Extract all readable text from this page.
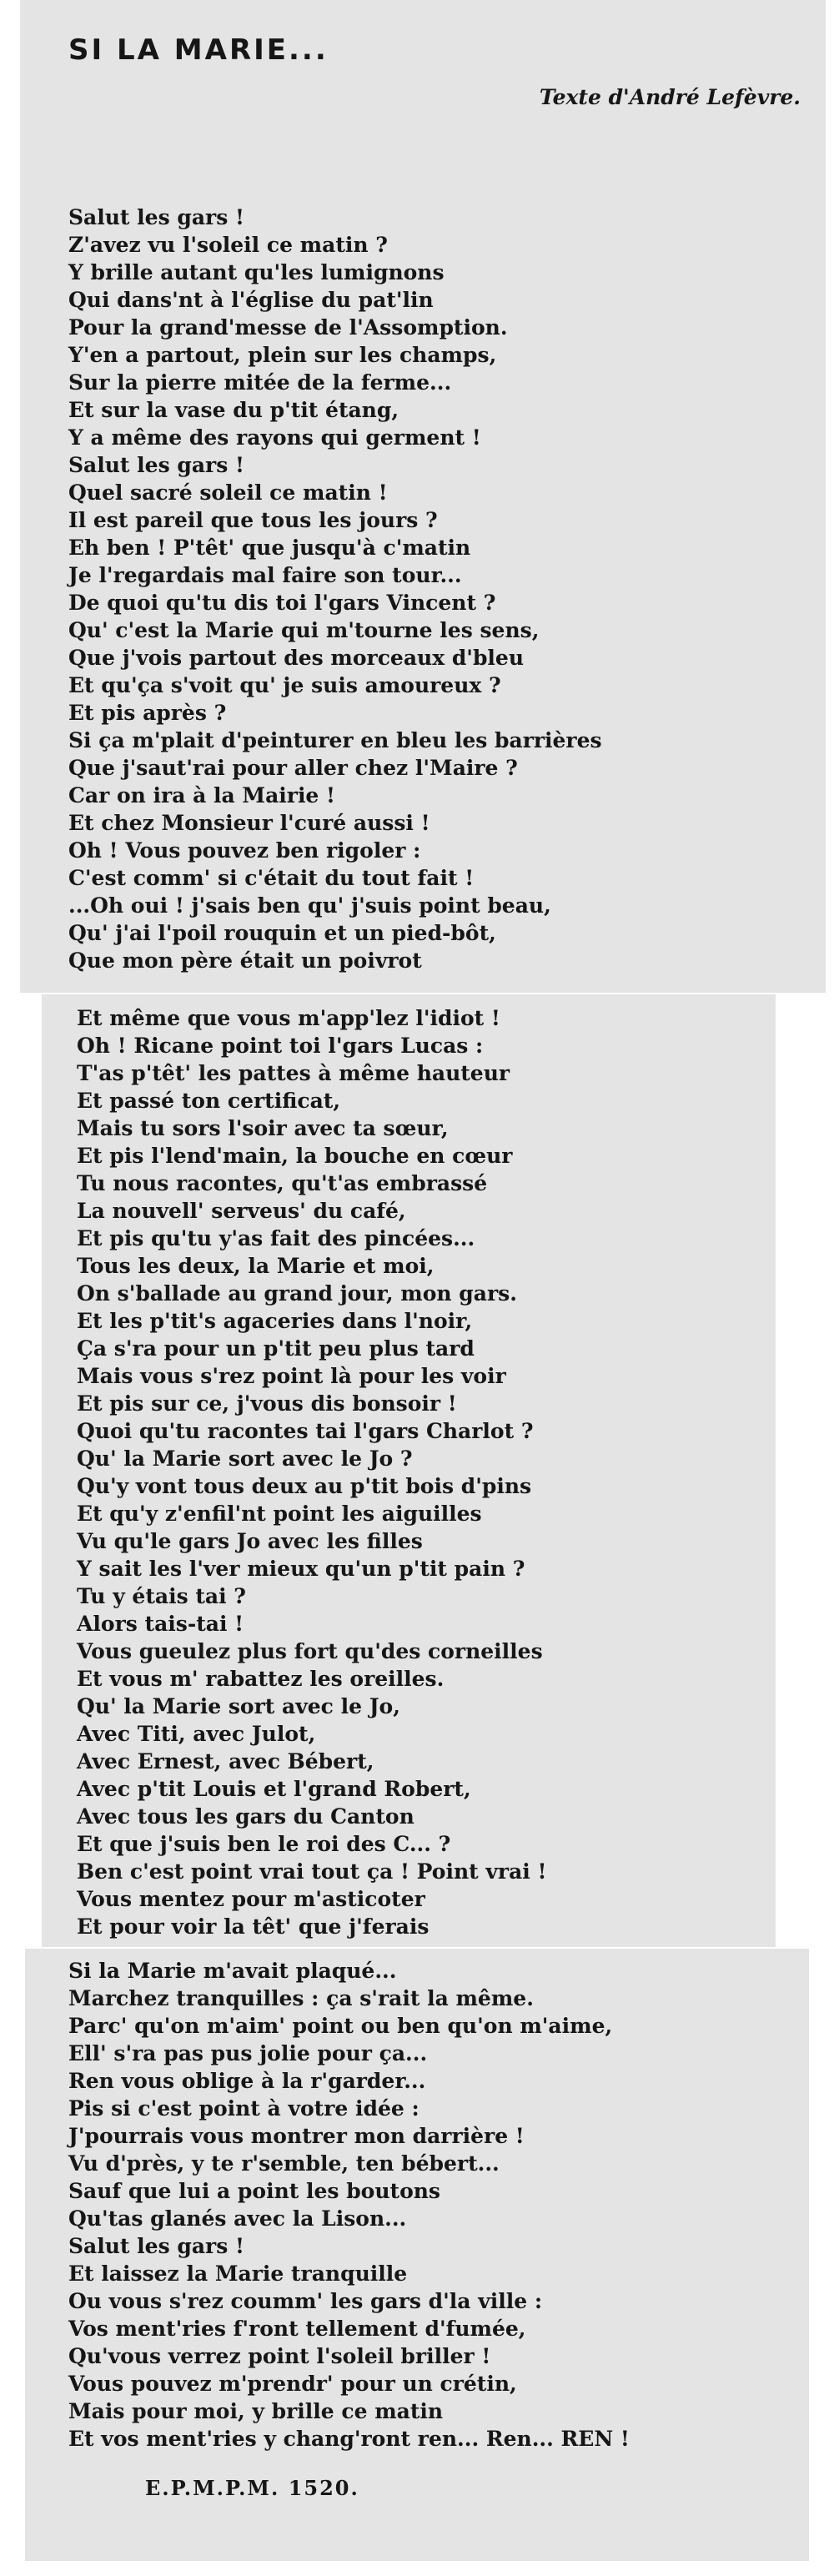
SI LA MARIE...

Texte d'André Lefèvre.

Salut les gars !
Z'avez vu l'soleil ce matin ?
Y brille autant qu'les lumignons
Qui dans'nt à l'église du pat'lin
Pour la grand'messe de l'Assomption.
Y'en a partout, plein sur les champs,
Sur la pierre mitée de la ferme...
Et sur la vase du p'tit étang,
Y a même des rayons qui germent !
Salut les gars !
Quel sacré soleil ce matin !
Il est pareil que tous les jours ?
Eh ben ! P'têt' que jusqu'à c'matin
Je l'regardais mal faire son tour...
De quoi qu'tu dis toi l'gars Vincent ?
Qu' c'est la Marie qui m'tourne les sens,
Que j'vois partout des morceaux d'bleu
Et qu'ça s'voit qu' je suis amoureux ?
Et pis après ?
Si ça m'plait d'peinturer en bleu les barrières
Que j'saut'rai pour aller chez l'Maire ?
Car on ira à la Mairie !
Et chez Monsieur l'curé aussi !
Oh ! Vous pouvez ben rigoler :
C'est comm' si c'était du tout fait !
...Oh oui ! j'sais ben qu' j'suis point beau,
Qu' j'ai l'poil rouquin et un pied-bôt,
Que mon père était un poivrot
Et même que vous m'app'lez l'idiot !
Oh ! Ricane point toi l'gars Lucas :
T'as p'têt' les pattes à même hauteur
Et passé ton certificat,
Mais tu sors l'soir avec ta sœur,
Et pis l'lend'main, la bouche en cœur
Tu nous racontes, qu't'as embrassé
La nouvell' serveus' du café,
Et pis qu'tu y'as fait des pincées...
Tous les deux, la Marie et moi,
On s'ballade au grand jour, mon gars.
Et les p'tit's agaceries dans l'noir,
Ça s'ra pour un p'tit peu plus tard
Mais vous s'rez point là pour les voir
Et pis sur ce, j'vous dis bonsoir !
Quoi qu'tu racontes tai l'gars Charlot ?
Qu' la Marie sort avec le Jo ?
Qu'y vont tous deux au p'tit bois d'pins
Et qu'y z'enfil'nt point les aiguilles
Vu qu'le gars Jo avec les filles
Y sait les l'ver mieux qu'un p'tit pain ?
Tu y étais tai ?
Alors tais-tai !
Vous gueulez plus fort qu'des corneilles
Et vous m' rabattez les oreilles.
Qu' la Marie sort avec le Jo,
Avec Titi, avec Julot,
Avec Ernest, avec Bébert,
Avec p'tit Louis et l'grand Robert,
Avec tous les gars du Canton
Et que j'suis ben le roi des C... ?
Ben c'est point vrai tout ça ! Point vrai !
Vous mentez pour m'asticoter
Et pour voir la têt' que j'ferais
Si la Marie m'avait plaqué...
Marchez tranquilles : ça s'rait la même.
Parc' qu'on m'aim' point ou ben qu'on m'aime,
Ell' s'ra pas pus jolie pour ça...
Ren vous oblige à la r'garder...
Pis si c'est point à votre idée :
J'pourrais vous montrer mon darrière !
Vu d'près, y te r'semble, ten bébert...
Sauf que lui a point les boutons
Qu'tas glanés avec la Lison...
Salut les gars !
Et laissez la Marie tranquille
Ou vous s'rez coumm' les gars d'la ville :
Vos ment'ries f'ront tellement d'fumée,
Qu'vous verrez point l'soleil briller !
Vous pouvez m'prendr' pour un crétin,
Mais pour moi, y brille ce matin
Et vos ment'ries y chang'ront ren... Ren... REN !

E.P.M.P.M. 1520.
